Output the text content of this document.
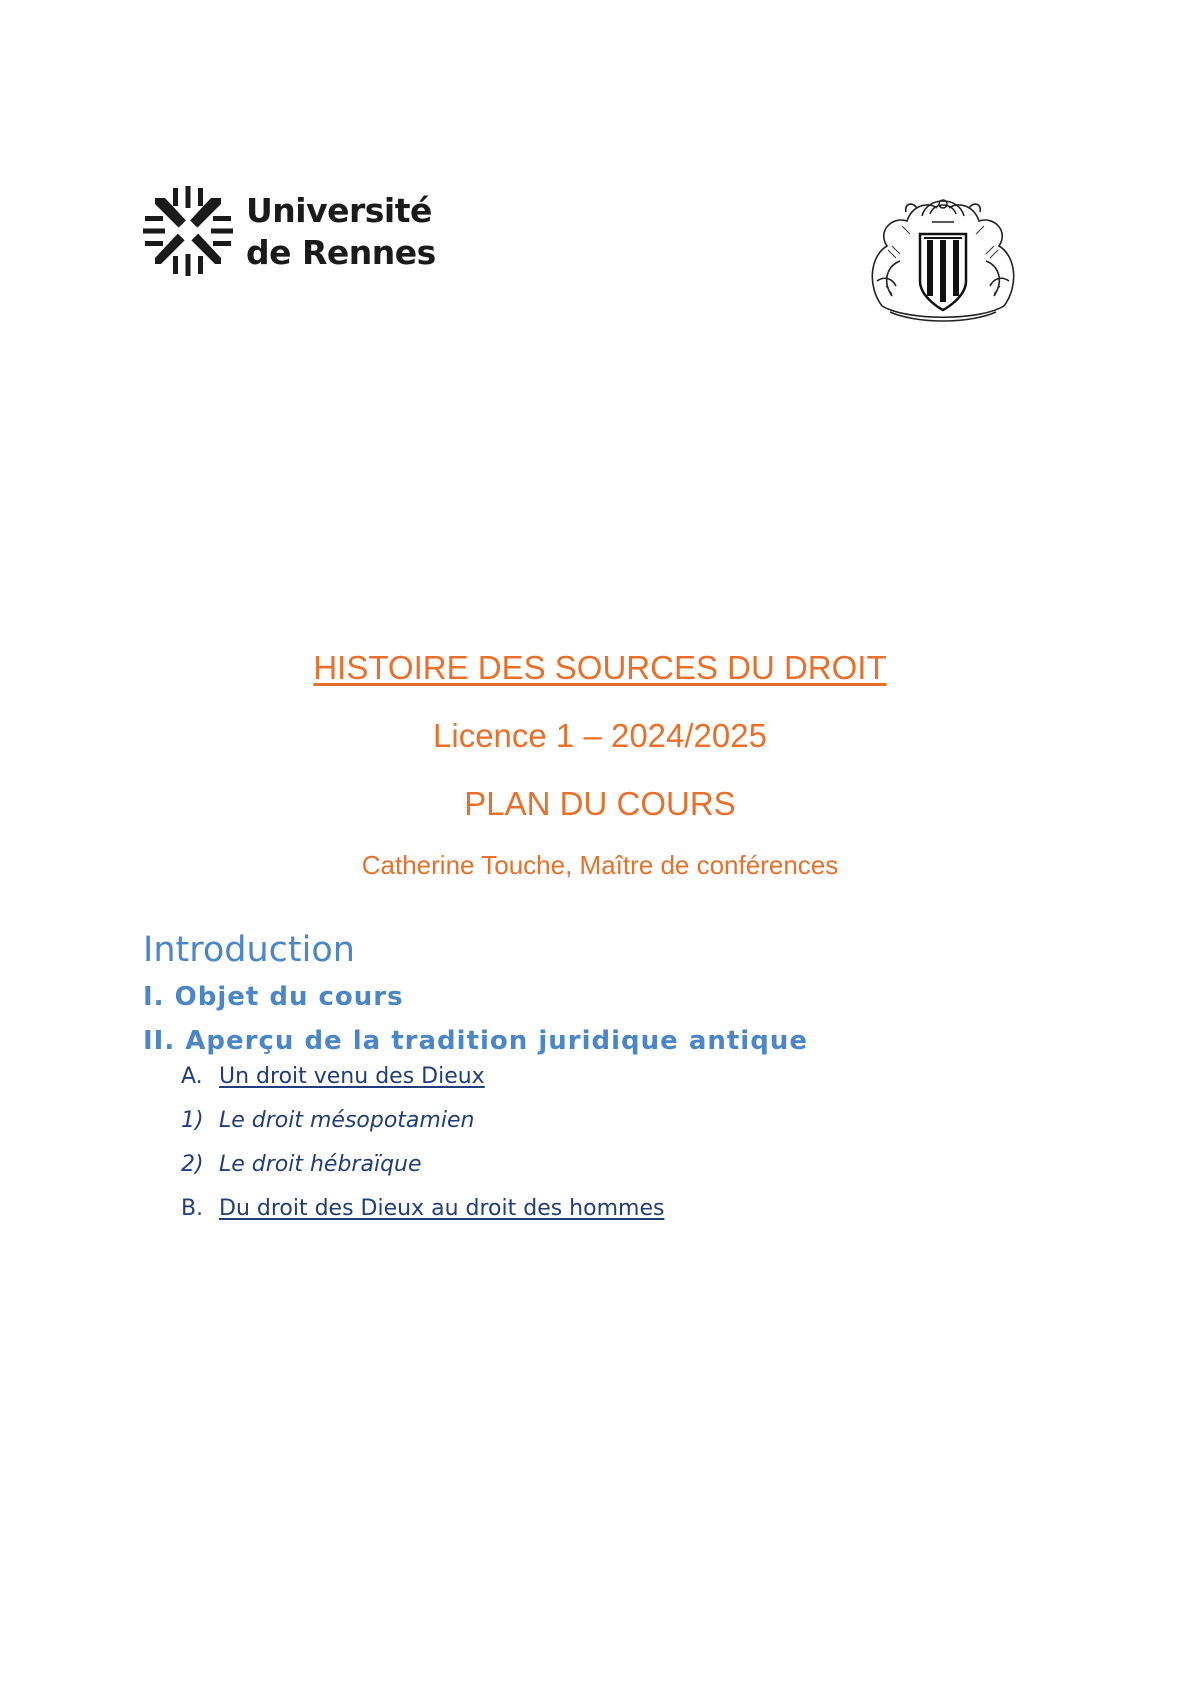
Université
de Rennes
HISTOIRE DES SOURCES DU DROIT
Licence 1 – 2024/2025
PLAN DU COURS
Catherine Touche, Maître de conférences
Introduction
I. Objet du cours
II. Aperçu de la tradition juridique antique
A. Un droit venu des Dieux
1) Le droit mésopotamien
2) Le droit hébraïque
B. Du droit des Dieux au droit des hommes
